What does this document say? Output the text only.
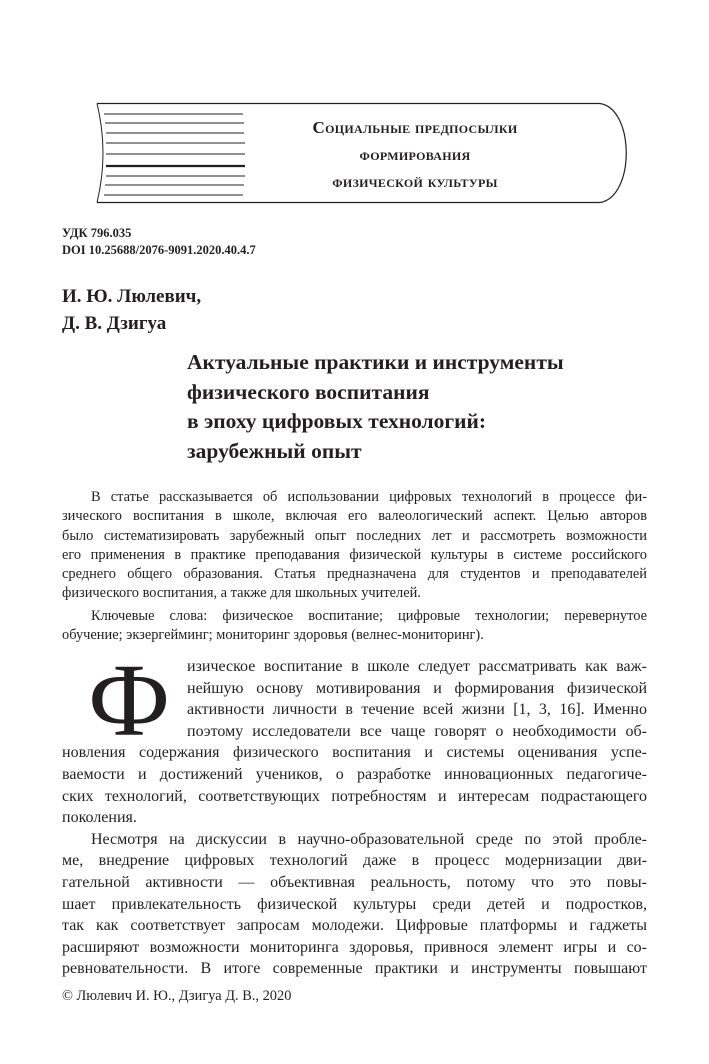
Социальные предпосылки
формирования
физической культуры
УДК 796.035
DOI 10.25688/2076-9091.2020.40.4.7
И. Ю. Люлевич,
Д. В. Дзигуа
Актуальные практики и инструменты
физического воспитания
в эпоху цифровых технологий:
зарубежный опыт
В статье рассказывается об использовании цифровых технологий в процессе фи-
зического воспитания в школе, включая его валеологический аспект. Целью авторов
было систематизировать зарубежный опыт последних лет и рассмотреть возможности
его применения в практике преподавания физической культуры в системе российского
среднего общего образования. Статья предназначена для студентов и преподавателей
физического воспитания, а также для школьных учителей.
Ключевые слова: физическое воспитание; цифровые технологии; перевернутое
обучение; экзергейминг; мониторинг здоровья (велнес-мониторинг).
Ф изическое воспитание в школе следует рассматривать как важ-
нейшую основу мотивирования и формирования физической
активности личности в течение всей жизни [1, 3, 16]. Именно
поэтому исследователи все чаще говорят о необходимости об-
новления содержания физического воспитания и системы оценивания успе-
ваемости и достижений учеников, о разработке инновационных педагогиче-
ских технологий, соответствующих потребностям и интересам подрастающего
поколения.
Несмотря на дискуссии в научно-образовательной среде по этой пробле-
ме, внедрение цифровых технологий даже в процесс модернизации дви-
гательной активности — объективная реальность, потому что это повы-
шает привлекательность физической культуры среди детей и подростков,
так как соответствует запросам молодежи. Цифровые платформы и гаджеты
расширяют возможности мониторинга здоровья, привнося элемент игры и со-
ревновательности. В итоге современные практики и инструменты повышают
© Люлевич И. Ю., Дзигуа Д. В., 2020
